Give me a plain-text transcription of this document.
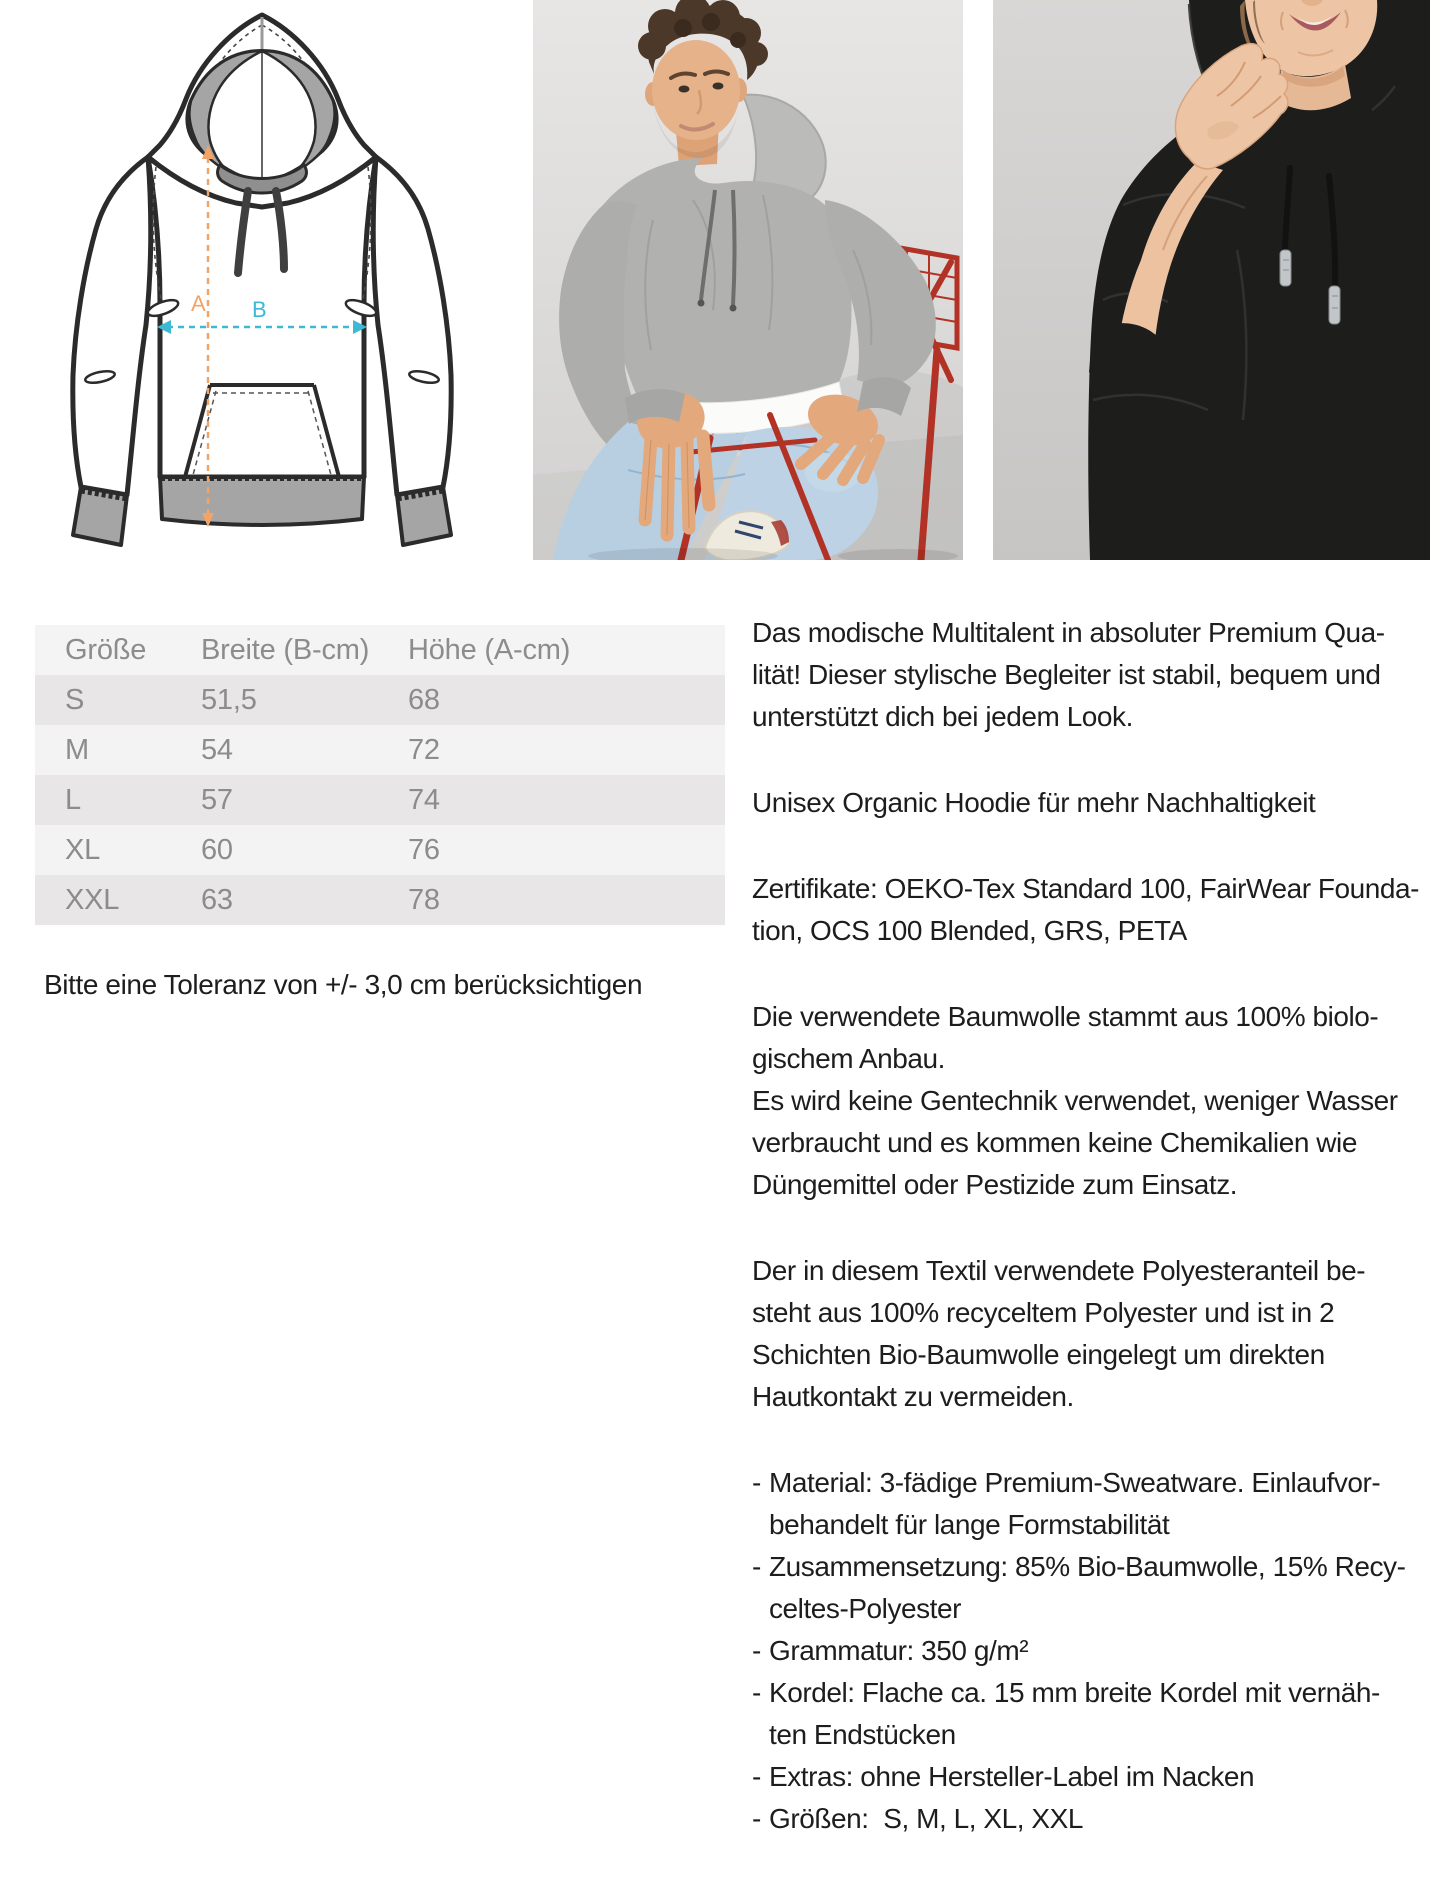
A B
Größe	Breite (B-cm)	Höhe (A-cm)
S	51,5	68
M	54	72
L	57	74
XL	60	76
XXL	63	78
Bitte eine Toleranz von +/- 3,0 cm berücksichtigen
Das modische Multitalent in absoluter Premium Qua-
lität! Dieser stylische Begleiter ist stabil, bequem und
unterstützt dich bei jedem Look.
Unisex Organic Hoodie für mehr Nachhaltigkeit
Zertifikate: OEKO-Tex Standard 100, FairWear Founda-
tion, OCS 100 Blended, GRS, PETA
Die verwendete Baumwolle stammt aus 100% biolo-
gischem Anbau.
Es wird keine Gentechnik verwendet, weniger Wasser
verbraucht und es kommen keine Chemikalien wie
Düngemittel oder Pestizide zum Einsatz.
Der in diesem Textil verwendete Polyesteranteil be-
steht aus 100% recyceltem Polyester und ist in 2
Schichten Bio-Baumwolle eingelegt um direkten
Hautkontakt zu vermeiden.
- Material: 3-fädige Premium-Sweatware. Einlaufvor-
behandelt für lange Formstabilität
- Zusammensetzung: 85% Bio-Baumwolle, 15% Recy-
celtes-Polyester
- Grammatur: 350 g/m²
- Kordel: Flache ca. 15 mm breite Kordel mit vernäh-
ten Endstücken
- Extras: ohne Hersteller-Label im Nacken
- Größen:  S, M, L, XL, XXL
